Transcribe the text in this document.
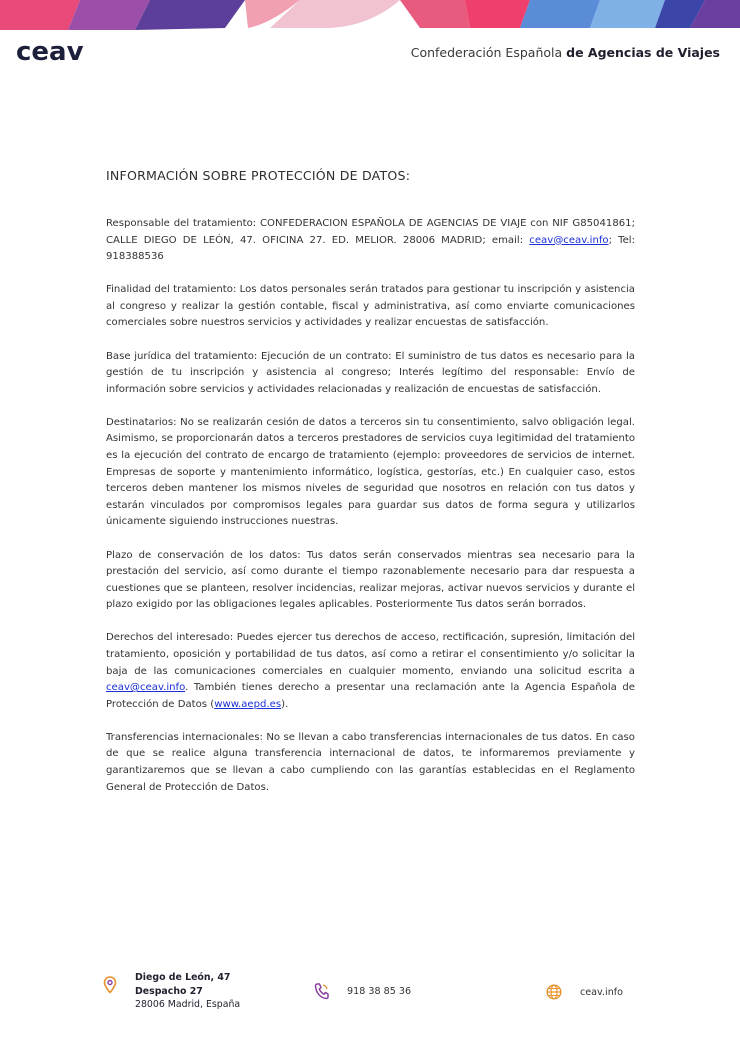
ceav	Confederación Española de Agencias de Viajes
INFORMACIÓN SOBRE PROTECCIÓN DE DATOS:

Responsable del tratamiento: CONFEDERACION ESPAÑOLA DE AGENCIAS DE VIAJE con NIF G85041861; CALLE DIEGO DE LEÓN, 47. OFICINA 27. ED. MELIOR. 28006 MADRID; email: ceav@ceav.info; Tel: 918388536

Finalidad del tratamiento: Los datos personales serán tratados para gestionar tu inscripción y asistencia al congreso y realizar la gestión contable, fiscal y administrativa, así como enviarte comunicaciones comerciales sobre nuestros servicios y actividades y realizar encuestas de satisfacción.

Base jurídica del tratamiento: Ejecución de un contrato: El suministro de tus datos es necesario para la gestión de tu inscripción y asistencia al congreso; Interés legítimo del responsable: Envío de información sobre servicios y actividades relacionadas y realización de encuestas de satisfacción.

Destinatarios: No se realizarán cesión de datos a terceros sin tu consentimiento, salvo obligación legal. Asimismo, se proporcionarán datos a terceros prestadores de servicios cuya legitimidad del tratamiento es la ejecución del contrato de encargo de tratamiento (ejemplo: proveedores de servicios de internet. Empresas de soporte y mantenimiento informático, logística, gestorías, etc.) En cualquier caso, estos terceros deben mantener los mismos niveles de seguridad que nosotros en relación con tus datos y estarán vinculados por compromisos legales para guardar sus datos de forma segura y utilizarlos únicamente siguiendo instrucciones nuestras.

Plazo de conservación de los datos: Tus datos serán conservados mientras sea necesario para la prestación del servicio, así como durante el tiempo razonablemente necesario para dar respuesta a cuestiones que se planteen, resolver incidencias, realizar mejoras, activar nuevos servicios y durante el plazo exigido por las obligaciones legales aplicables. Posteriormente Tus datos serán borrados.

Derechos del interesado: Puedes ejercer tus derechos de acceso, rectificación, supresión, limitación del tratamiento, oposición y portabilidad de tus datos, así como a retirar el consentimiento y/o solicitar la baja de las comunicaciones comerciales en cualquier momento, enviando una solicitud escrita a ceav@ceav.info. También tienes derecho a presentar una reclamación ante la Agencia Española de Protección de Datos (www.aepd.es).

Transferencias internacionales: No se llevan a cabo transferencias internacionales de tus datos. En caso de que se realice alguna transferencia internacional de datos, te informaremos previamente y garantizaremos que se llevan a cabo cumpliendo con las garantías establecidas en el Reglamento General de Protección de Datos.

Diego de León, 47
Despacho 27
28006 Madrid, España
918 38 85 36	ceav.info
